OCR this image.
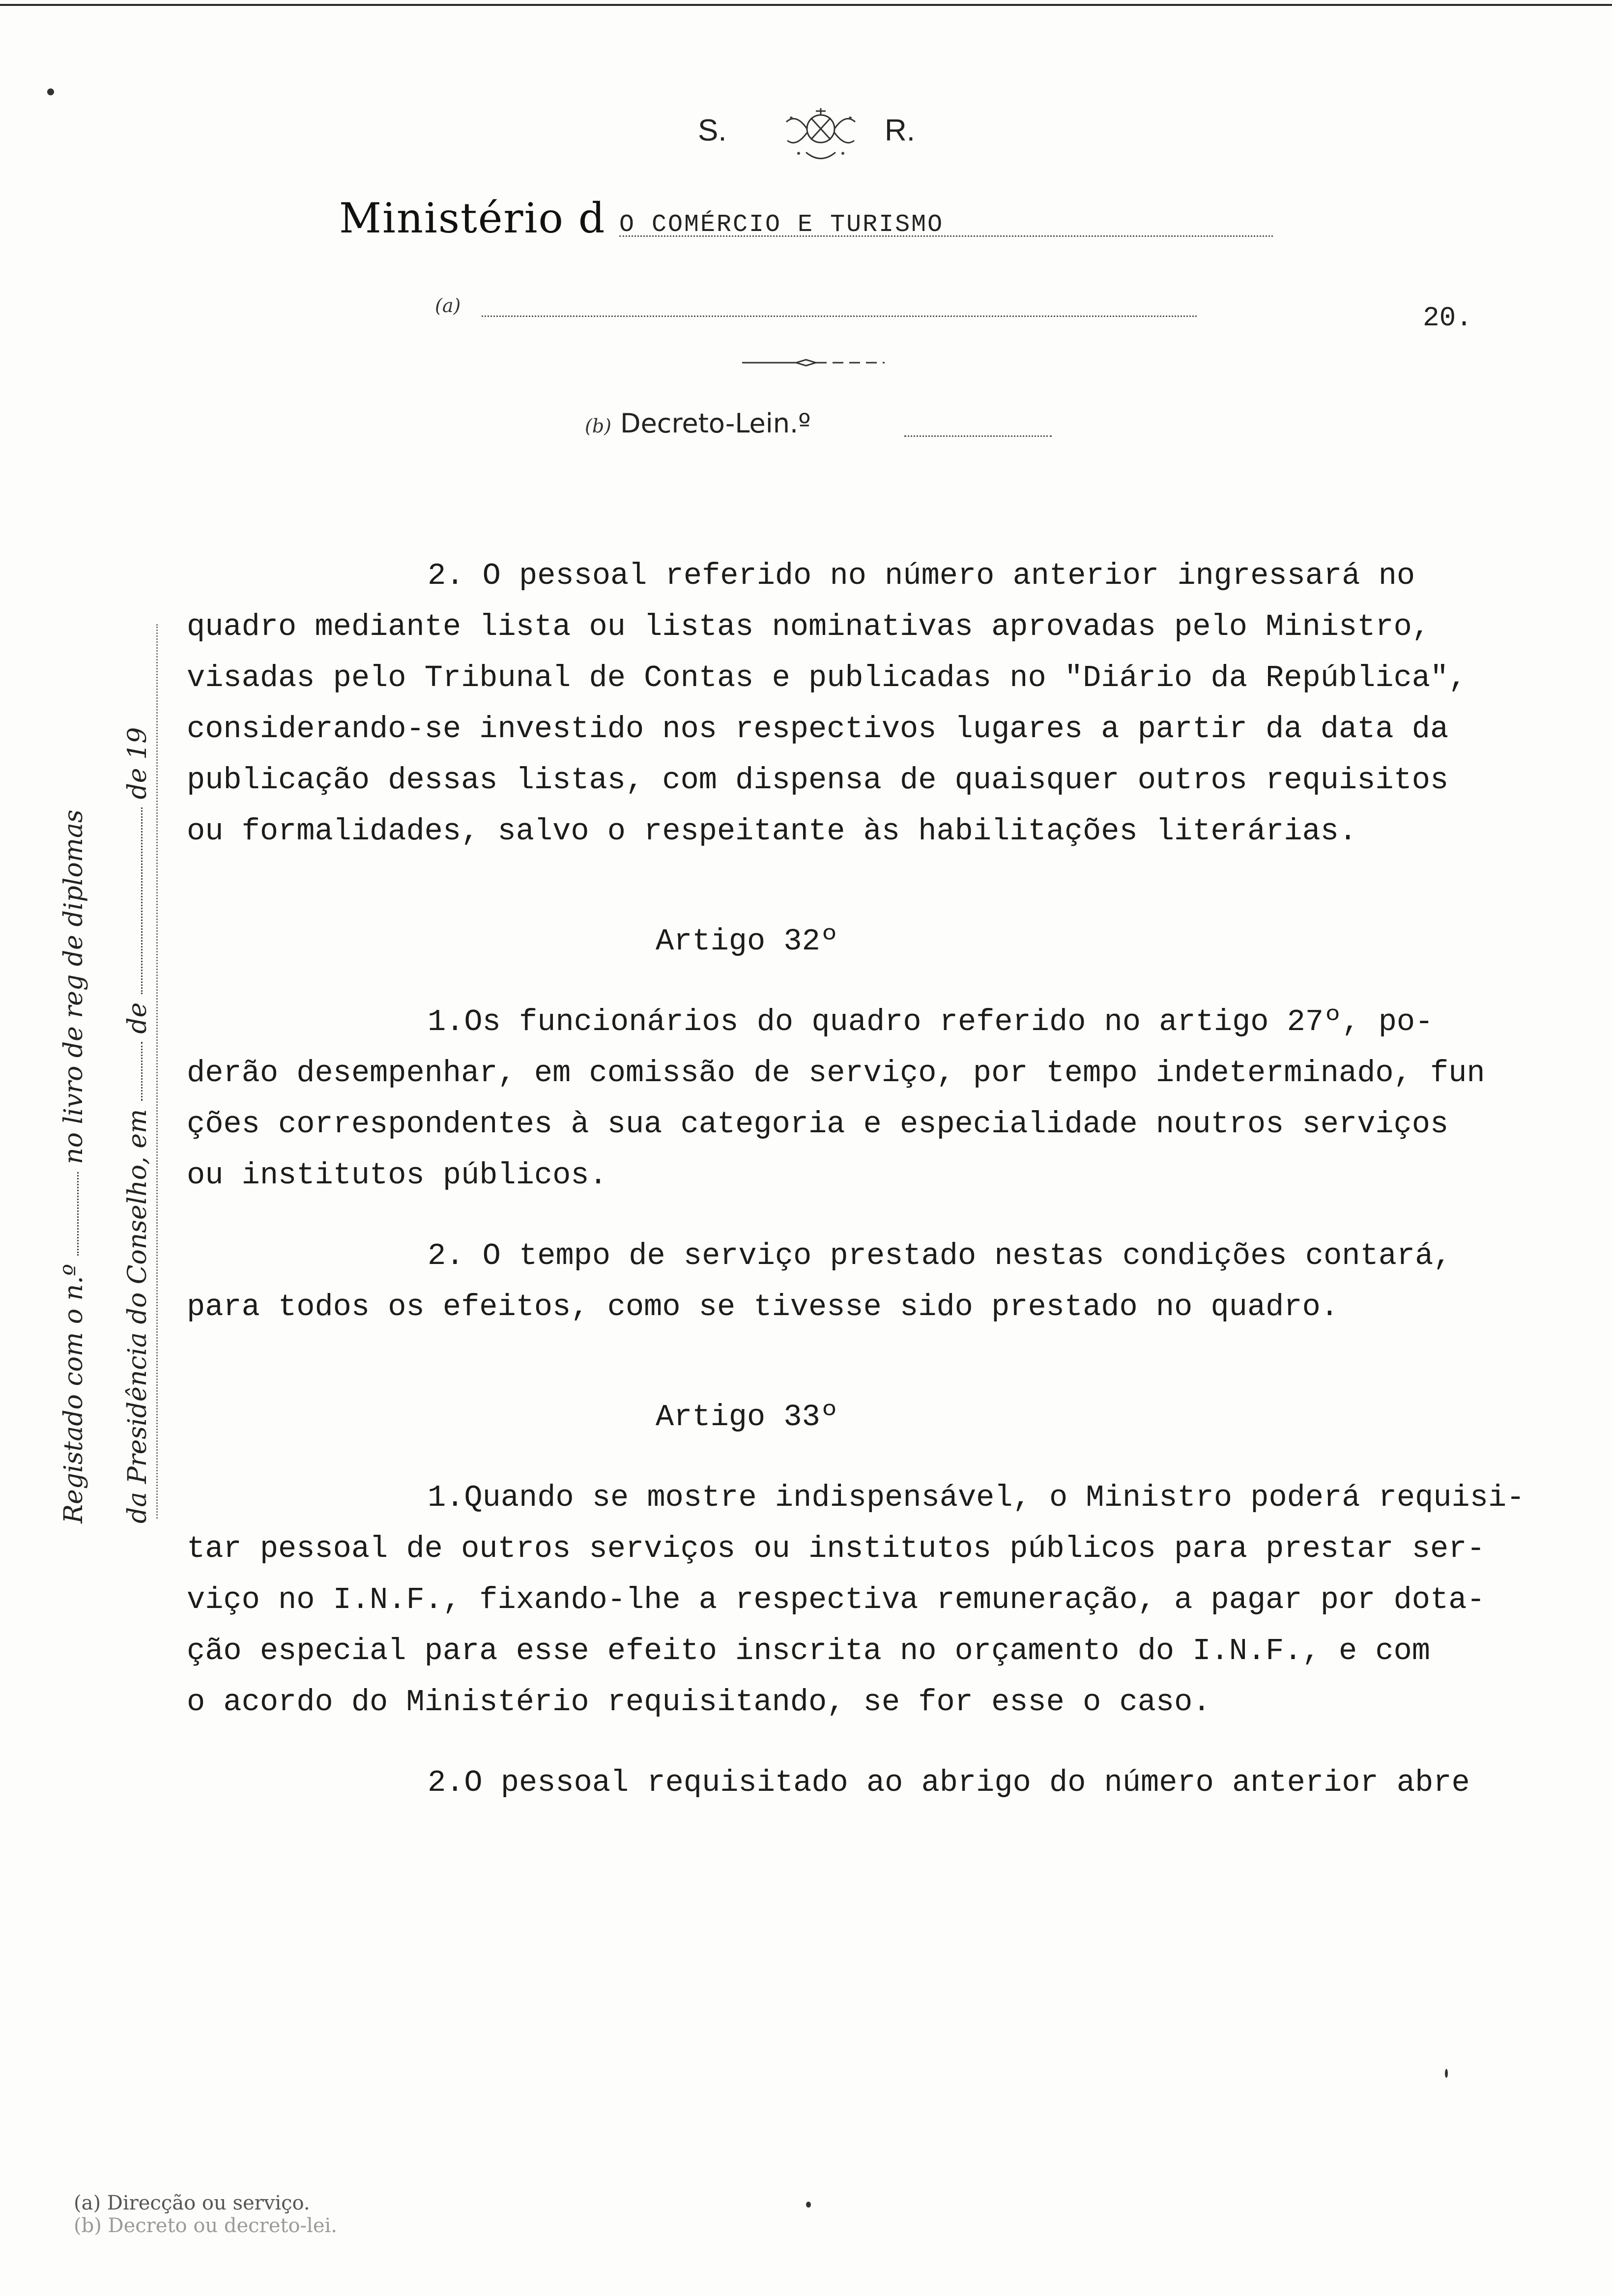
S.	R.
Ministério d O COMÉRCIO E TURISMO
(a)	20.
(b) Decreto-Lein.º
Registado com o n.º  no livro de reg de diplomas
da Presidência do Conselho, em  de  de 19

2. O pessoal referido no número anterior ingressará no
quadro mediante lista ou listas nominativas aprovadas pelo Ministro,
visadas pelo Tribunal de Contas e publicadas no "Diário da República",
considerando-se investido nos respectivos lugares a partir da data da
publicação dessas listas, com dispensa de quaisquer outros requisitos
ou formalidades, salvo o respeitante às habilitações literárias.

Artigo 32º

1.Os funcionários do quadro referido no artigo 27º, po-
derão desempenhar, em comissão de serviço, por tempo indeterminado, fun
ções correspondentes à sua categoria e especialidade noutros serviços
ou institutos públicos.

2. O tempo de serviço prestado nestas condições contará,
para todos os efeitos, como se tivesse sido prestado no quadro.

Artigo 33º

1.Quando se mostre indispensável, o Ministro poderá requisi-
tar pessoal de outros serviços ou institutos públicos para prestar ser-
viço no I.N.F., fixando-lhe a respectiva remuneração, a pagar por dota-
ção especial para esse efeito inscrita no orçamento do I.N.F., e com
o acordo do Ministério requisitando, se for esse o caso.

2.O pessoal requisitado ao abrigo do número anterior abre

(a) Direcção ou serviço.
(b) Decreto ou decreto-lei.
